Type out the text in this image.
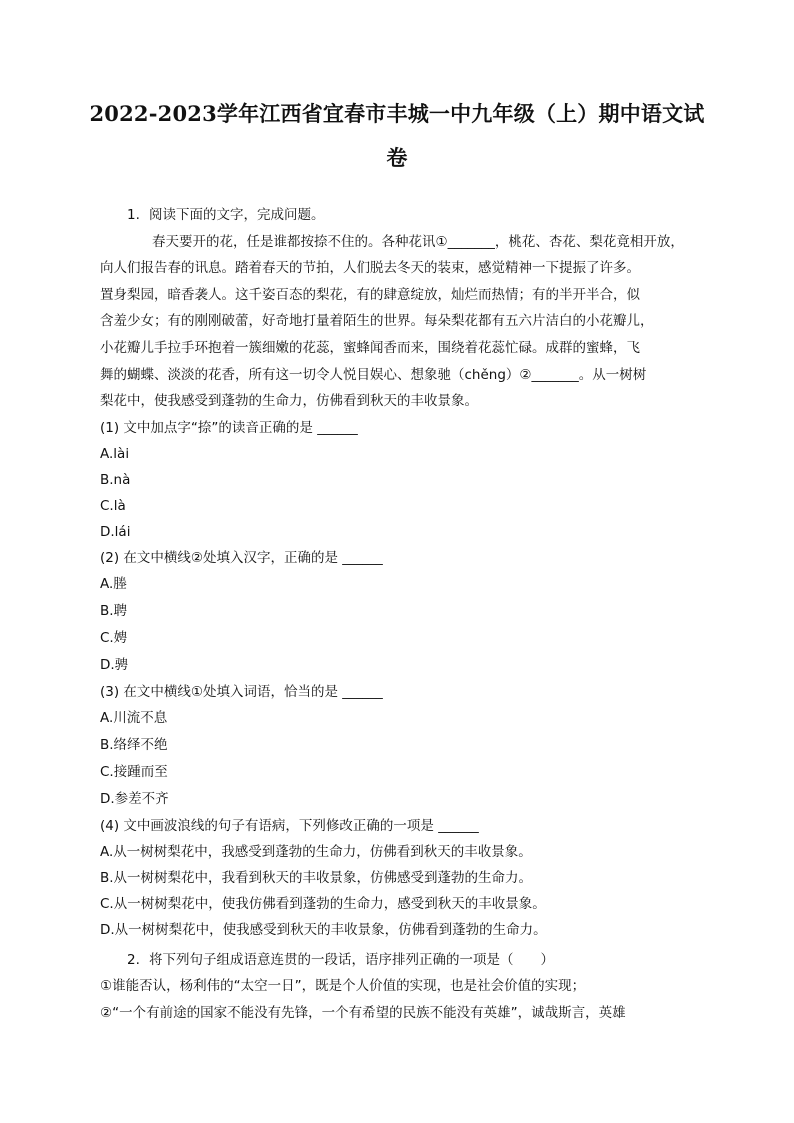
2022-2023学年江西省宜春市丰城一中九年级（上）期中语文试
卷
1. 阅读下面的文字，完成问题。
春天要开的花，任是谁都按捺不住的。各种花讯①_______，桃花、杏花、梨花竟相开放，
向人们报告春的讯息。踏着春天的节拍，人们脱去冬天的装束，感觉精神一下提振了许多。
置身梨园，暗香袭人。这千姿百态的梨花，有的肆意绽放，灿烂而热情；有的半开半合，似
含羞少女；有的刚刚破蕾，好奇地打量着陌生的世界。每朵梨花都有五六片洁白的小花瓣儿，
小花瓣儿手拉手环抱着一簇细嫩的花蕊，蜜蜂闻香而来，围绕着花蕊忙碌。成群的蜜蜂，飞
舞的蝴蝶、淡淡的花香，所有这一切令人悦目娱心、想象驰（chěng）②_______。从一树树
梨花中，使我感受到蓬勃的生命力，仿佛看到秋天的丰收景象。
(1) 文中加点字“捺”的读音正确的是 ______
A.lài
B.nà
C.là
D.lái
(2) 在文中横线②处填入汉字，正确的是 ______
A.塍
B.聘
C.娉
D.骋
(3) 在文中横线①处填入词语，恰当的是 ______
A.川流不息
B.络绎不绝
C.接踵而至
D.参差不齐
(4) 文中画波浪线的句子有语病，下列修改正确的一项是 ______
A.从一树树梨花中，我感受到蓬勃的生命力，仿佛看到秋天的丰收景象。
B.从一树树梨花中，我看到秋天的丰收景象，仿佛感受到蓬勃的生命力。
C.从一树树梨花中，使我仿佛看到蓬勃的生命力，感受到秋天的丰收景象。
D.从一树树梨花中，使我感受到秋天的丰收景象，仿佛看到蓬勃的生命力。
2. 将下列句子组成语意连贯的一段话，语序排列正确的一项是（　　）
①谁能否认，杨利伟的“太空一日”，既是个人价值的实现，也是社会价值的实现；
②“一个有前途的国家不能没有先锋，一个有希望的民族不能没有英雄”，诚哉斯言，英雄
